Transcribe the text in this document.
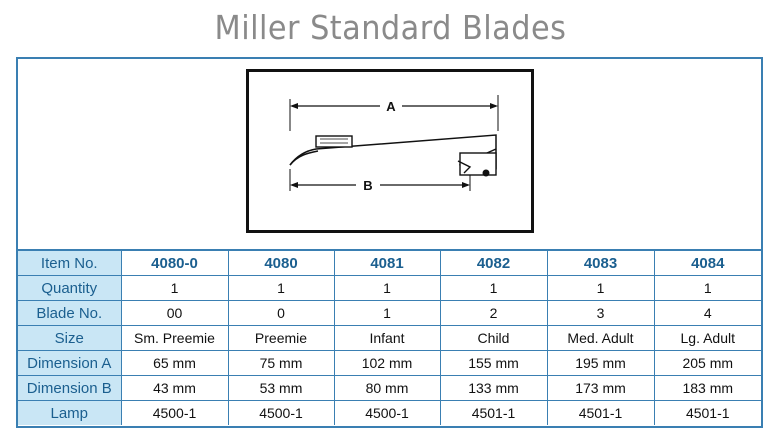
Miller Standard Blades
A
B
Item No.	4080-0	4080	4081	4082	4083	4084
Quantity	1	1	1	1	1	1
Blade No.	00	0	1	2	3	4
Size	Sm. Preemie	Preemie	Infant	Child	Med. Adult	Lg. Adult
Dimension A	65 mm	75 mm	102 mm	155 mm	195 mm	205 mm
Dimension B	43 mm	53 mm	80 mm	133 mm	173 mm	183 mm
Lamp	4500-1	4500-1	4500-1	4501-1	4501-1	4501-1
